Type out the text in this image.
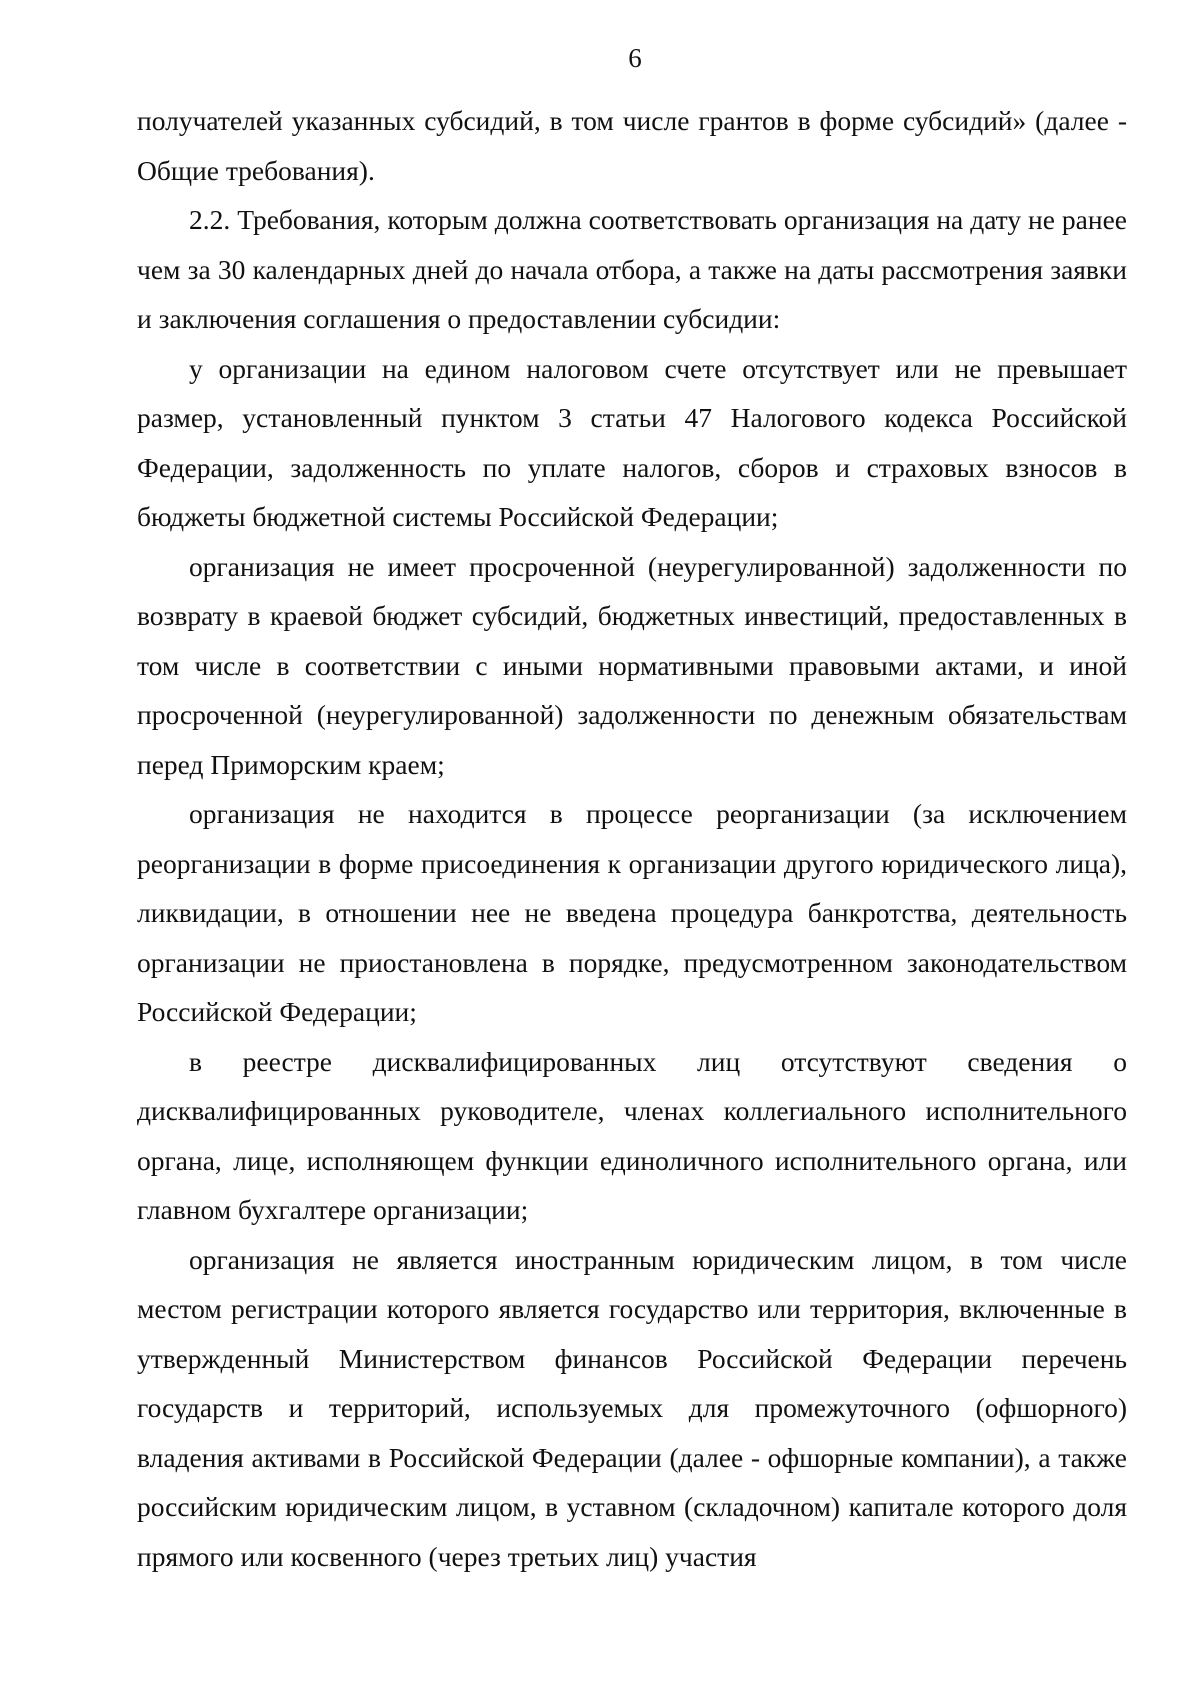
6

получателей указанных субсидий, в том числе грантов в форме субсидий» (далее - Общие требования).

2.2. Требования, которым должна соответствовать организация на дату не ранее чем за 30 календарных дней до начала отбора, а также на даты рассмотрения заявки и заключения соглашения о предоставлении субсидии:

у организации на едином налоговом счете отсутствует или не превышает размер, установленный пунктом 3 статьи 47 Налогового кодекса Российской Федерации, задолженность по уплате налогов, сборов и страховых взносов в бюджеты бюджетной системы Российской Федерации;

организация не имеет просроченной (неурегулированной) задолженности по возврату в краевой бюджет субсидий, бюджетных инвестиций, предоставленных в том числе в соответствии с иными нормативными правовыми актами, и иной просроченной (неурегулированной) задолженности по денежным обязательствам перед Приморским краем;

организация не находится в процессе реорганизации (за исключением реорганизации в форме присоединения к организации другого юридического лица), ликвидации, в отношении нее не введена процедура банкротства, деятельность организации не приостановлена в порядке, предусмотренном законодательством Российской Федерации;

в реестре дисквалифицированных лиц отсутствуют сведения о дисквалифицированных руководителе, членах коллегиального исполнительного органа, лице, исполняющем функции единоличного исполнительного органа, или главном бухгалтере организации;

организация не является иностранным юридическим лицом, в том числе местом регистрации которого является государство или территория, включенные в утвержденный Министерством финансов Российской Федерации перечень государств и территорий, используемых для промежуточного (офшорного) владения активами в Российской Федерации (далее - офшорные компании), а также российским юридическим лицом, в уставном (складочном) капитале которого доля прямого или косвенного (через третьих лиц) участия
